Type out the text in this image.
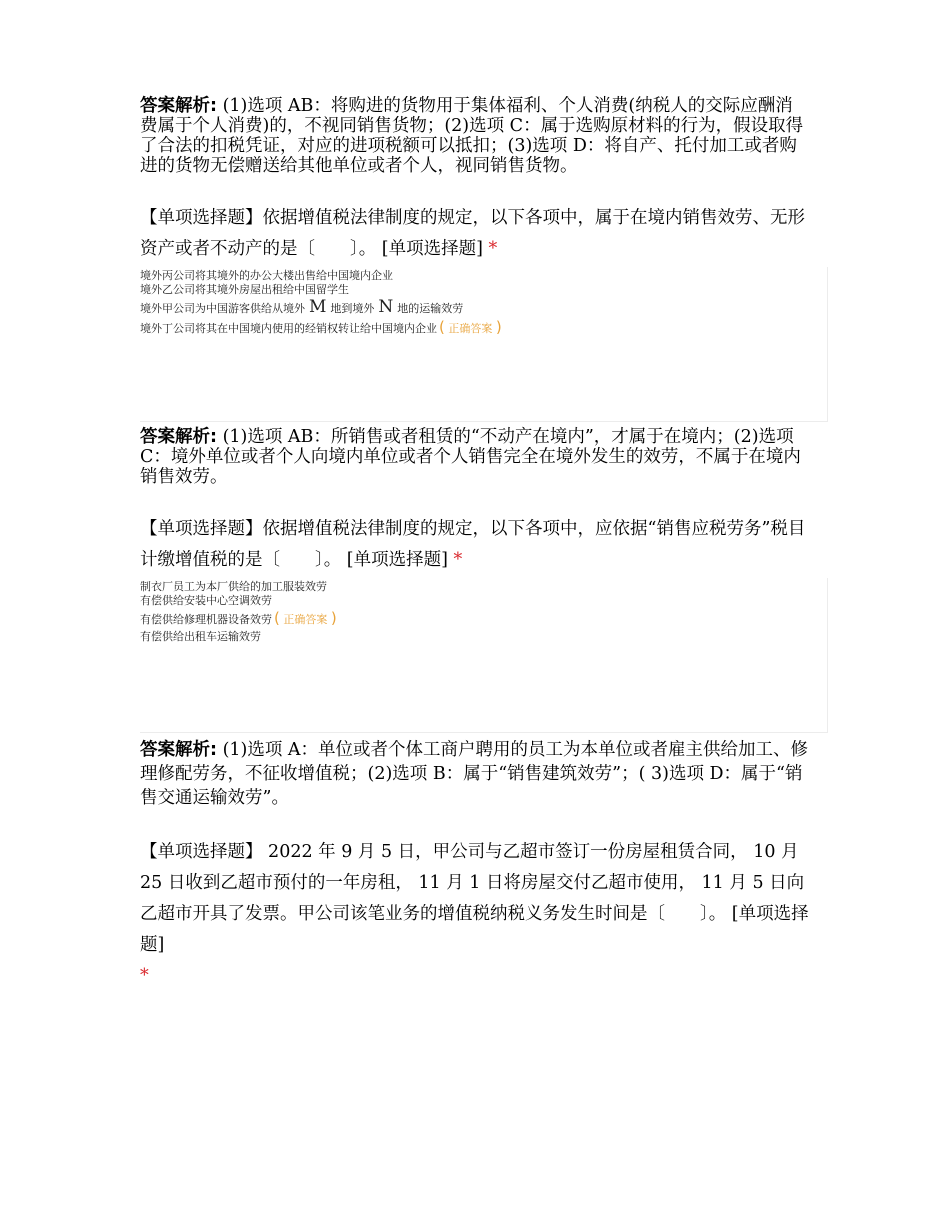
答案解析: (1)选项 AB：将购进的货物用于集体福利、个人消费(纳税人的交际应酬消费属于个人消费)的，不视同销售货物；(2)选项 C：属于选购原材料的行为，假设取得了合法的扣税凭证，对应的进项税额可以抵扣；(3)选项 D：将自产、托付加工或者购进的货物无偿赠送给其他单位或者个人，视同销售货物。
【单项选择题】依据增值税法律制度的规定，以下各项中，属于在境内销售效劳、无形资产或者不动产的是〔　　〕。 [单项选择题] *
境外丙公司将其境外的办公大楼出售给中国境内企业
境外乙公司将其境外房屋出租给中国留学生
境外甲公司为中国游客供给从境外 M 地到境外 N 地的运输效劳
境外丁公司将其在中国境内使用的经销权转让给中国境内企业 ( 正确答案 )
答案解析: (1)选项 AB：所销售或者租赁的“不动产在境内”，才属于在境内；(2)选项 C：境外单位或者个人向境内单位或者个人销售完全在境外发生的效劳，不属于在境内销售效劳。
【单项选择题】依据增值税法律制度的规定，以下各项中，应依据“销售应税劳务”税目计缴增值税的是〔　　〕。 [单项选择题] *
制衣厂员工为本厂供给的加工服装效劳
有偿供给安装中心空调效劳
有偿供给修理机器设备效劳 ( 正确答案 )
有偿供给出租车运输效劳
答案解析: (1)选项 A：单位或者个体工商户聘用的员工为本单位或者雇主供给加工、修理修配劳务，不征收增值税；(2)选项 B：属于“销售建筑效劳”；( 3)选项 D：属于“销售交通运输效劳”。
【单项选择题】 2022 年 9 月 5 日，甲公司与乙超市签订一份房屋租赁合同， 10 月 25 日收到乙超市预付的一年房租， 11 月 1 日将房屋交付乙超市使用， 11 月 5 日向乙超市开具了发票。甲公司该笔业务的增值税纳税义务发生时间是〔　　〕。 [单项选择题]
*
